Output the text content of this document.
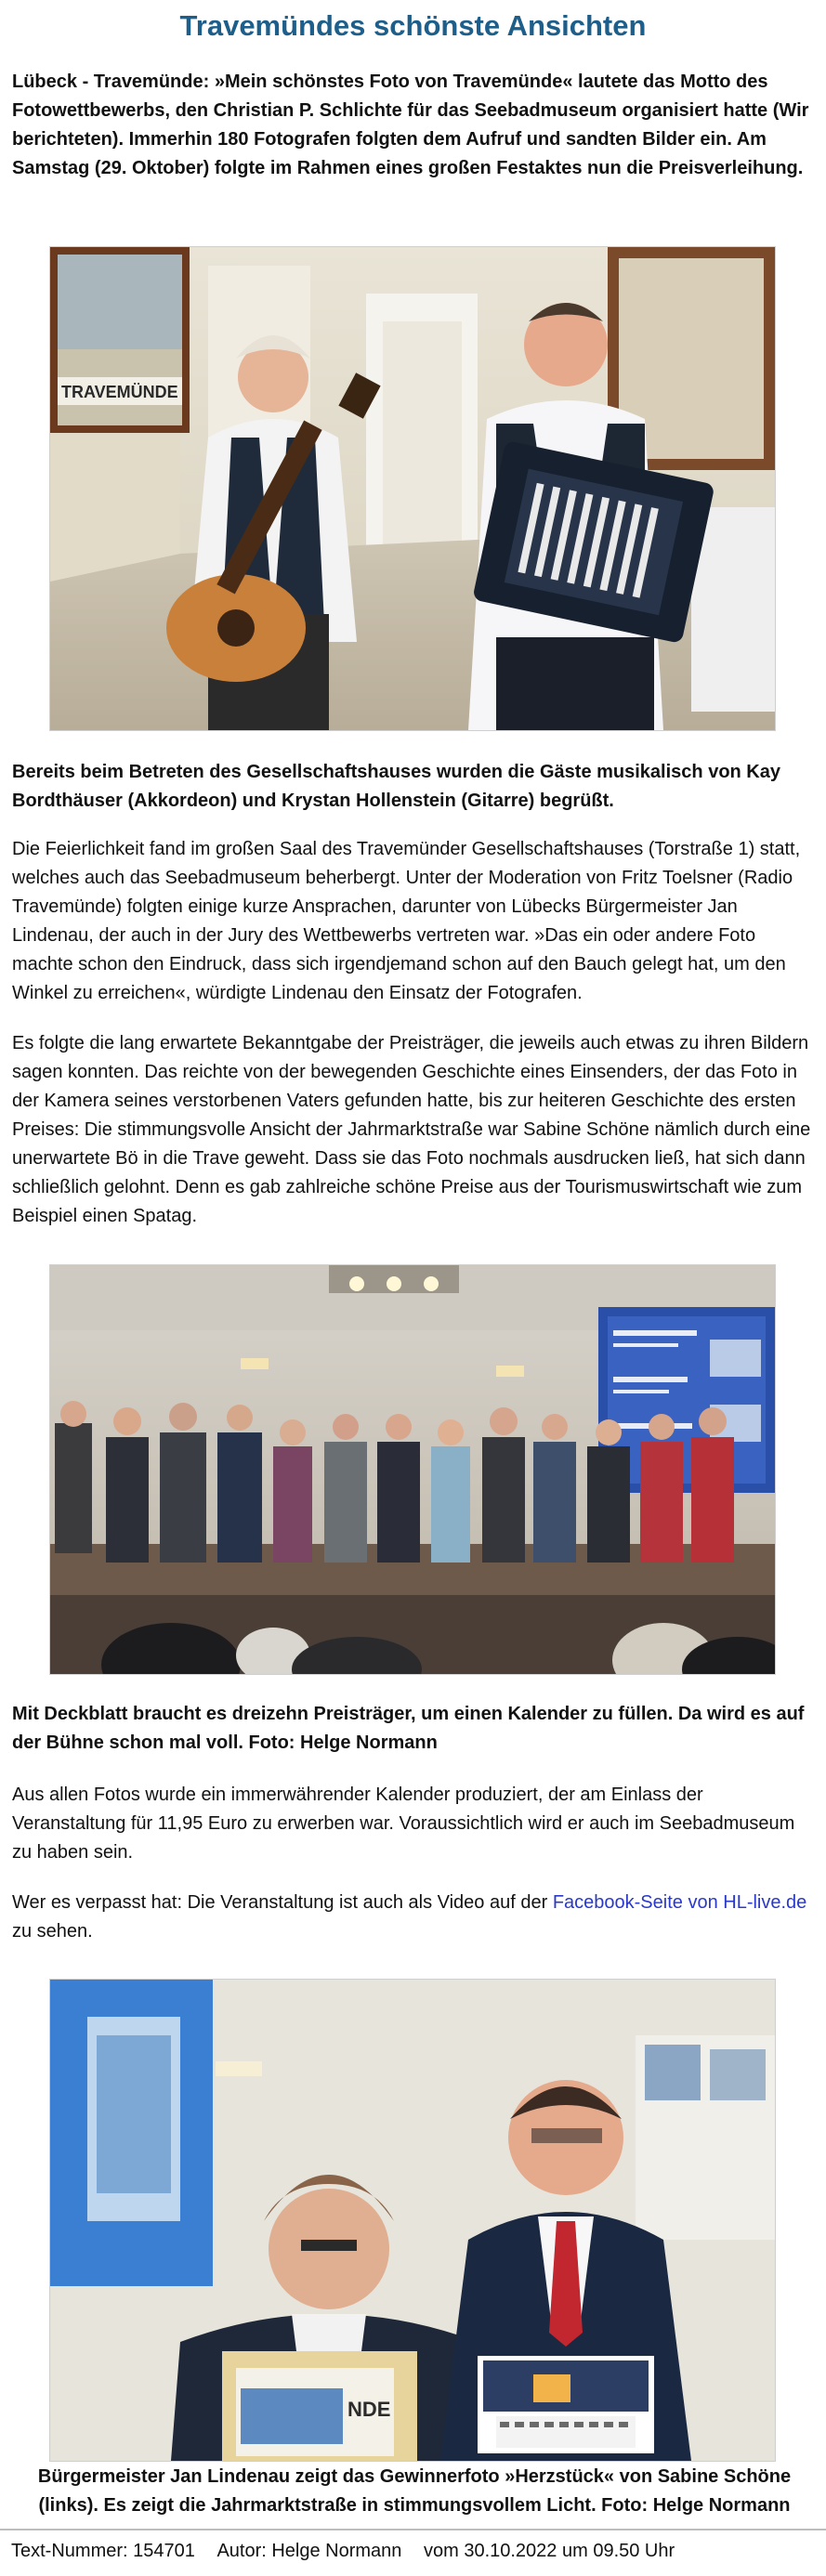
Travemündes schönste Ansichten

Lübeck - Travemünde: »Mein schönstes Foto von Travemünde« lautete das Motto des Fotowettbewerbs, den Christian P. Schlichte für das Seebadmuseum organisiert hatte (Wir berichteten). Immerhin 180 Fotografen folgten dem Aufruf und sandten Bilder ein. Am Samstag (29. Oktober) folgte im Rahmen eines großen Festaktes nun die Preisverleihung.

TRAVEMÜNDE

Bereits beim Betreten des Gesellschaftshauses wurden die Gäste musikalisch von Kay Bordthäuser (Akkordeon) und Krystan Hollenstein (Gitarre) begrüßt.

Die Feierlichkeit fand im großen Saal des Travemünder Gesellschaftshauses (Torstraße 1) statt, welches auch das Seebadmuseum beherbergt. Unter der Moderation von Fritz Toelsner (Radio Travemünde) folgten einige kurze Ansprachen, darunter von Lübecks Bürgermeister Jan Lindenau, der auch in der Jury des Wettbewerbs vertreten war. »Das ein oder andere Foto machte schon den Eindruck, dass sich irgendjemand schon auf den Bauch gelegt hat, um den Winkel zu erreichen«, würdigte Lindenau den Einsatz der Fotografen.

Es folgte die lang erwartete Bekanntgabe der Preisträger, die jeweils auch etwas zu ihren Bildern sagen konnten. Das reichte von der bewegenden Geschichte eines Einsenders, der das Foto in der Kamera seines verstorbenen Vaters gefunden hatte, bis zur heiteren Geschichte des ersten Preises: Die stimmungsvolle Ansicht der Jahrmarktstraße war Sabine Schöne nämlich durch eine unerwartete Bö in die Trave geweht. Dass sie das Foto nochmals ausdrucken ließ, hat sich dann schließlich gelohnt. Denn es gab zahlreiche schöne Preise aus der Tourismuswirtschaft wie zum Beispiel einen Spatag.

Mit Deckblatt braucht es dreizehn Preisträger, um einen Kalender zu füllen. Da wird es auf der Bühne schon mal voll. Foto: Helge Normann

Aus allen Fotos wurde ein immerwährender Kalender produziert, der am Einlass der Veranstaltung für 11,95 Euro zu erwerben war. Voraussichtlich wird er auch im Seebadmuseum zu haben sein.

Wer es verpasst hat: Die Veranstaltung ist auch als Video auf der Facebook-Seite von HL-live.de zu sehen.

NDE

Bürgermeister Jan Lindenau zeigt das Gewinnerfoto »Herzstück« von Sabine Schöne (links). Es zeigt die Jahrmarktstraße in stimmungsvollem Licht. Foto: Helge Normann

Text-Nummer: 154701 Autor: Helge Normann vom 30.10.2022 um 09.50 Uhr
